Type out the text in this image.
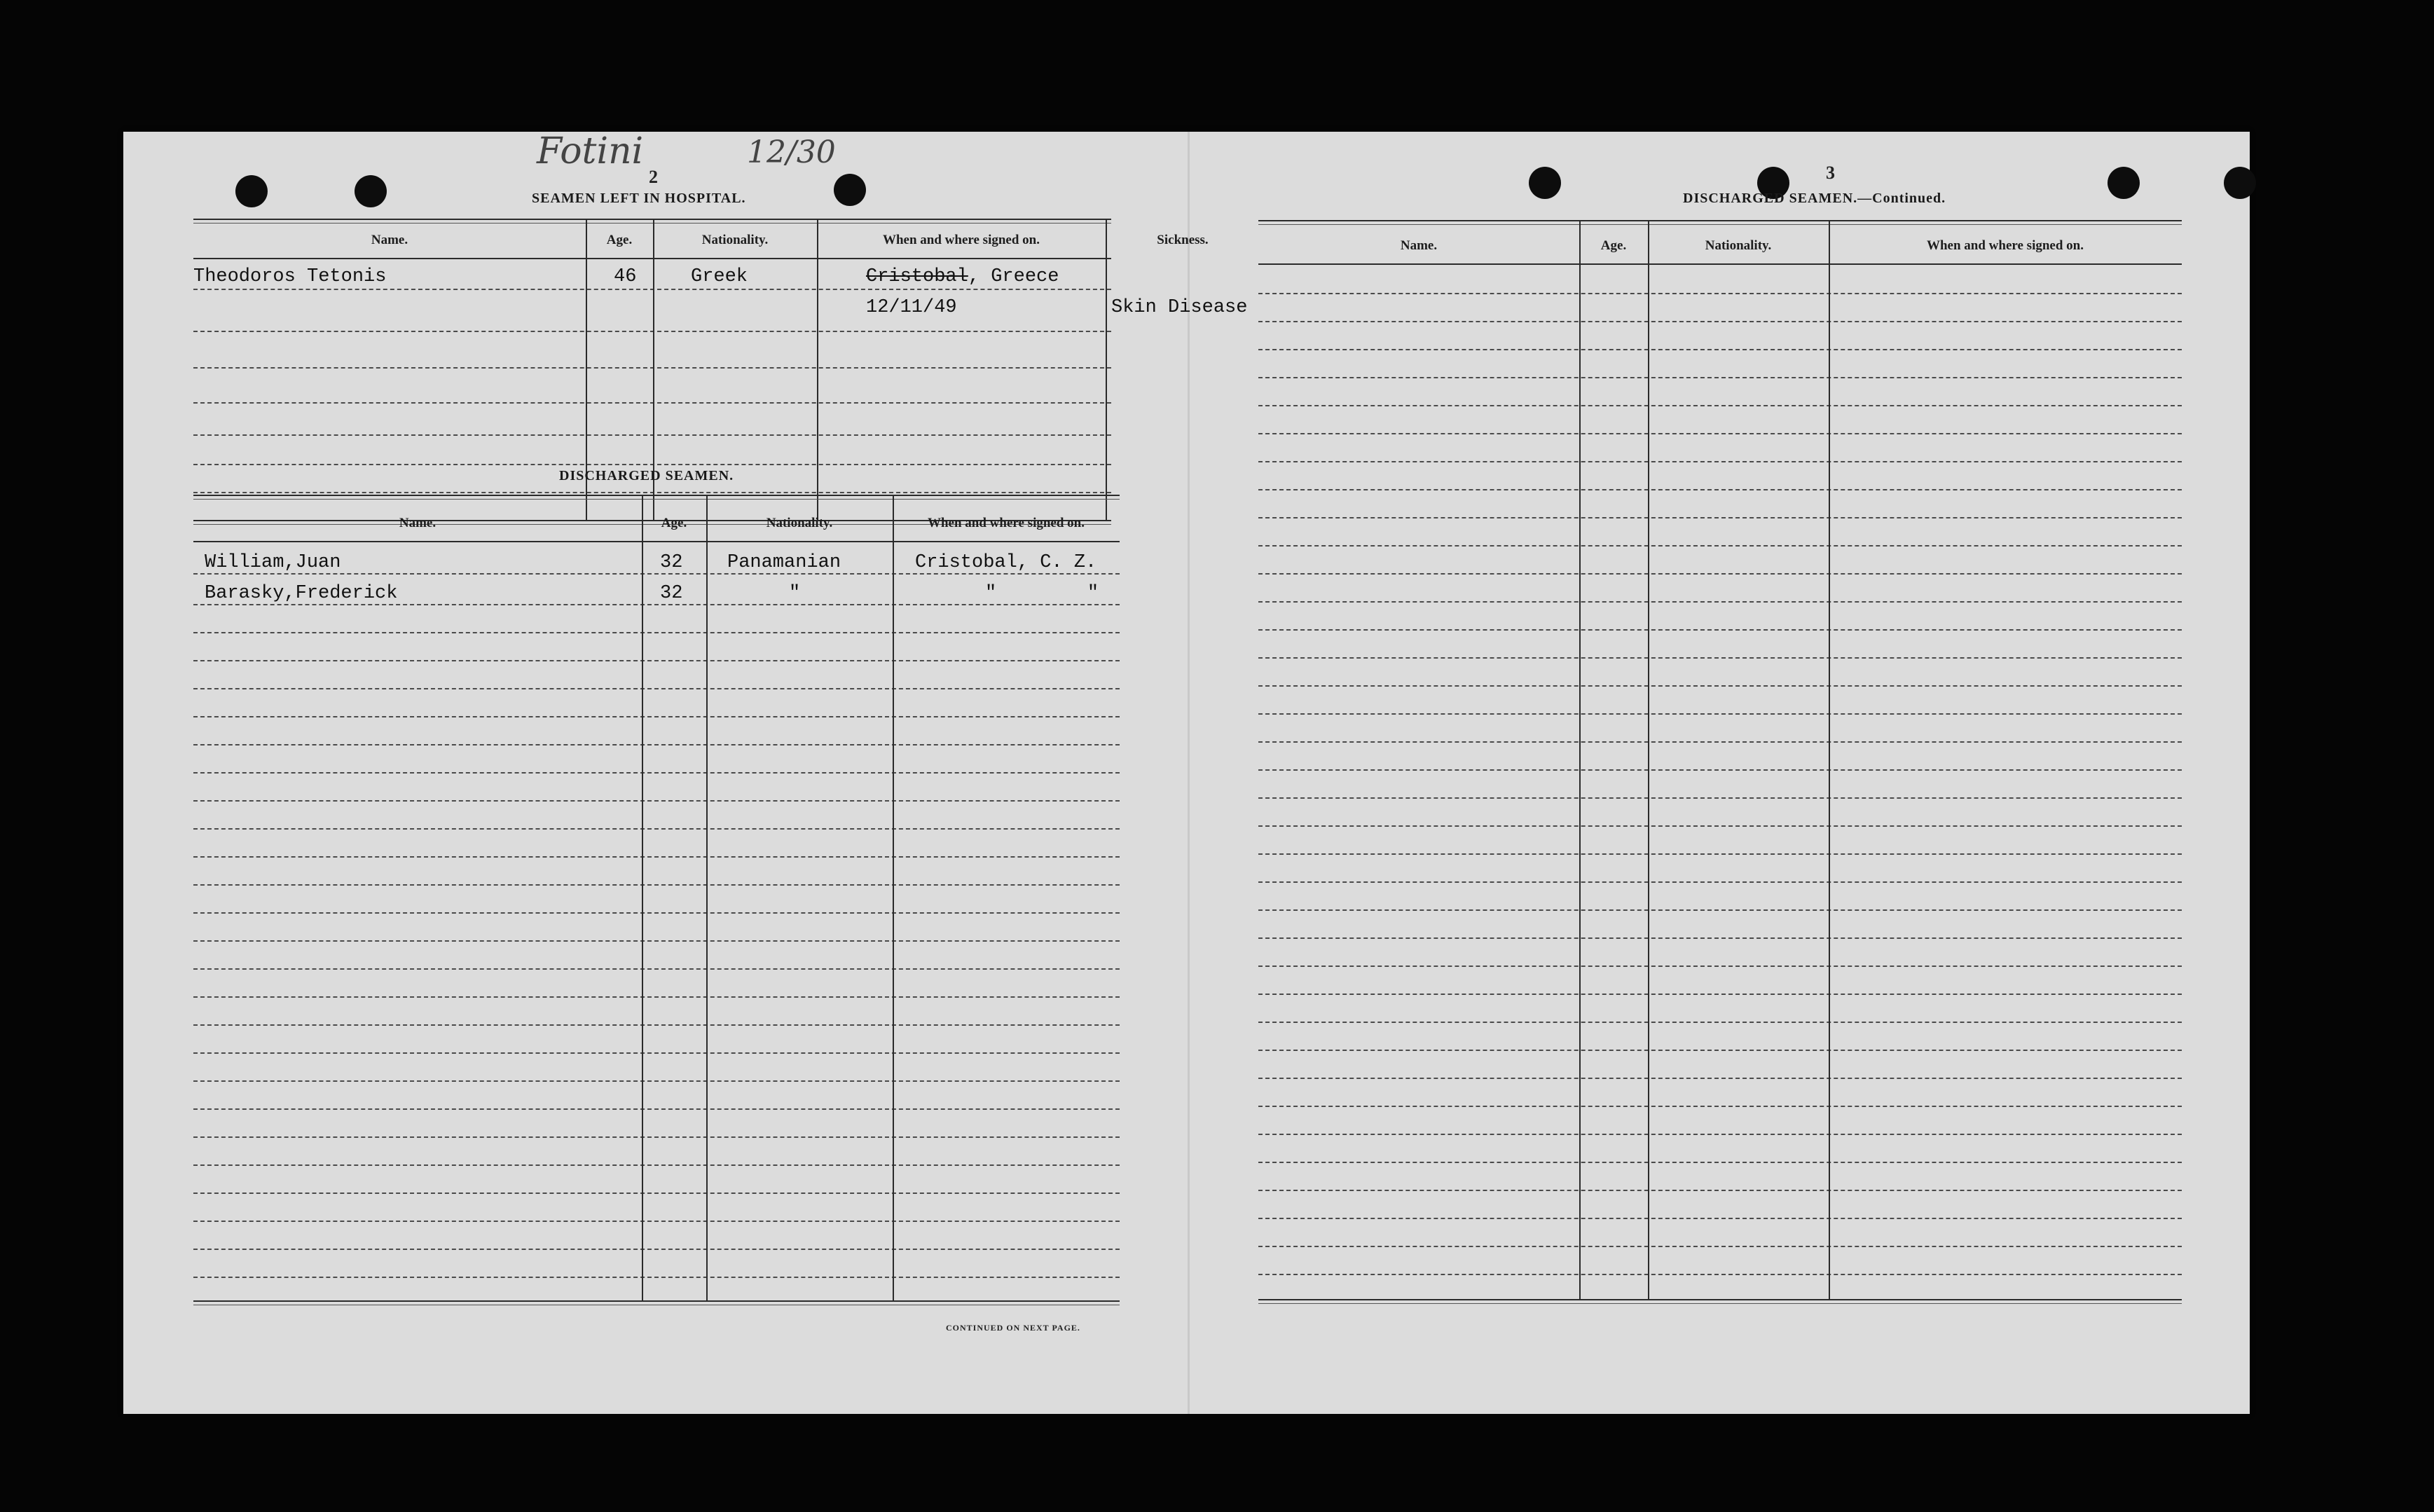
Fotini	12/30
2
SEAMEN LEFT IN HOSPITAL.
Name.	Age.	Nationality.	When and where signed on.	Sickness.
Theodoros Tetonis	46	Greek	Cristobal, Greece
12/11/49	Skin Disease
DISCHARGED SEAMEN.
Name.	Age.	Nationality.	When and where signed on.
William,Juan	32 Panamanian	Cristobal, C. Z.
Barasky,Frederick	32	"	"        "
CONTINUED ON NEXT PAGE.
3
DISCHARGED SEAMEN.—Continued.
Name.	Age.	Nationality.	When and where signed on.
